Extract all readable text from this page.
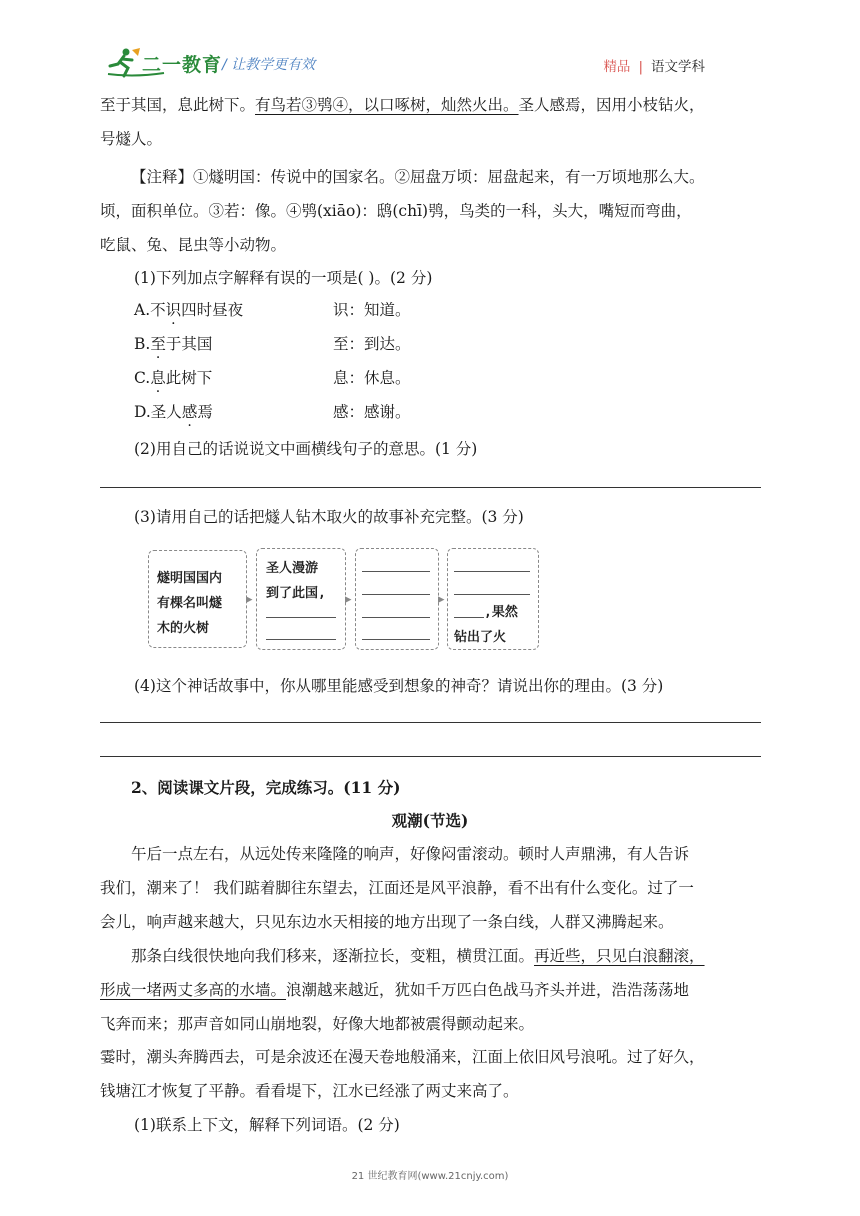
二一教育 / 让教学更有效	精品 | 语文学科
至于其国，息此树下。有鸟若③鸮④，以口啄树，灿然火出。圣人感焉，因用小枝钻火，
号燧人。
【注释】①燧明国：传说中的国家名。②屈盘万顷：屈盘起来，有一万顷地那么大。
顷，面积单位。③若：像。④鸮(xiāo)：鸱(chī)鸮，鸟类的一科，头大，嘴短而弯曲，
吃鼠、兔、昆虫等小动物。
(1)下列加点字解释有误的一项是( )。(2 分)
A.不识四时昼夜	识：知道。
B.至于其国	至：到达。
C.息此树下	息：休息。
D.圣人感焉	感：感谢。
(2)用自己的话说说文中画横线句子的意思。(1 分)
(3)请用自己的话把燧人钻木取火的故事补充完整。(3 分)
燧明国国内
有棵名叫燧
木的火树
▸
圣人漫游
到了此国, ▸	▸
,果然
钻出了火
(4)这个神话故事中，你从哪里能感受到想象的神奇？请说出你的理由。(3 分)
2、阅读课文片段，完成练习。(11 分)
观潮(节选)
午后一点左右，从远处传来隆隆的响声，好像闷雷滚动。顿时人声鼎沸，有人告诉
我们，潮来了！ 我们踮着脚往东望去，江面还是风平浪静，看不出有什么变化。过了一
会儿，响声越来越大，只见东边水天相接的地方出现了一条白线，人群又沸腾起来。
那条白线很快地向我们移来，逐渐拉长，变粗，横贯江面。再近些，只见白浪翻滚，
形成一堵两丈多高的水墙。浪潮越来越近，犹如千万匹白色战马齐头并进，浩浩荡荡地
飞奔而来；那声音如同山崩地裂，好像大地都被震得颤动起来。
霎时，潮头奔腾西去，可是余波还在漫天卷地般涌来，江面上依旧风号浪吼。过了好久，
钱塘江才恢复了平静。看看堤下，江水已经涨了两丈来高了。
(1)联系上下文，解释下列词语。(2 分)
21 世纪教育网(www.21cnjy.com)
